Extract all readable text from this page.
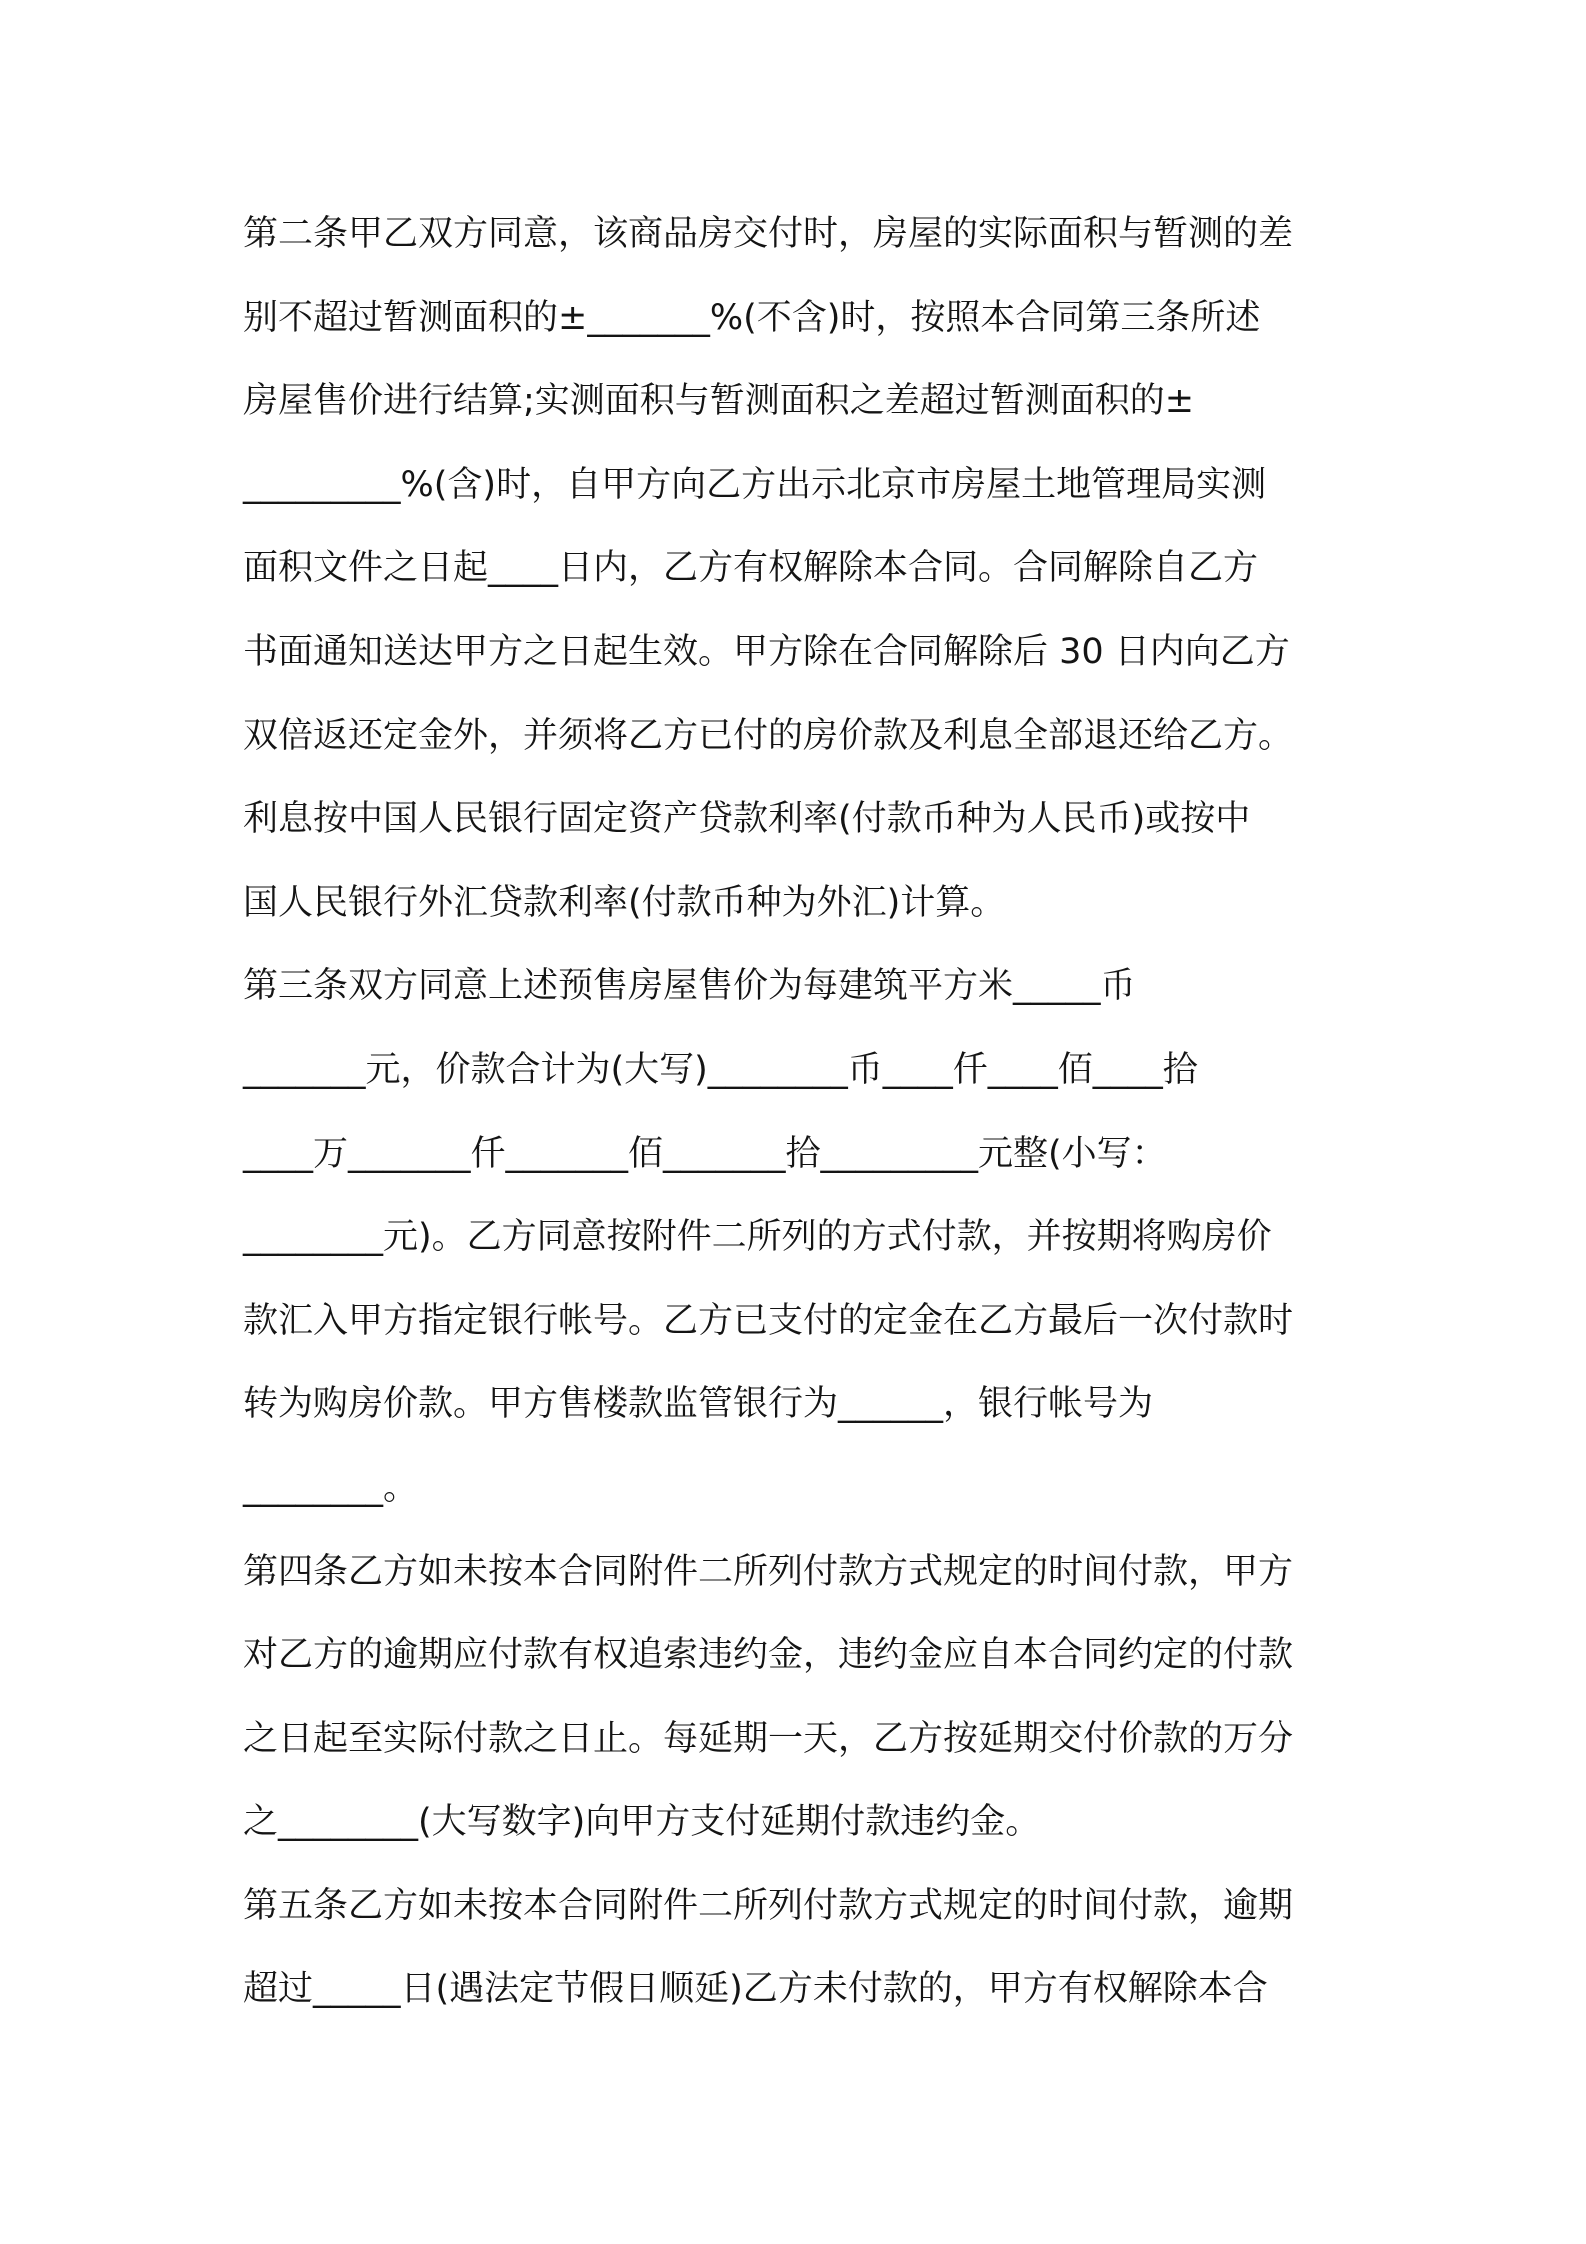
第二条甲乙双方同意，该商品房交付时，房屋的实际面积与暂测的差
别不超过暂测面积的±_______%(不含)时，按照本合同第三条所述
房屋售价进行结算;实测面积与暂测面积之差超过暂测面积的±
_________%(含)时，自甲方向乙方出示北京市房屋土地管理局实测
面积文件之日起____日内，乙方有权解除本合同。合同解除自乙方
书面通知送达甲方之日起生效。甲方除在合同解除后 30 日内向乙方
双倍返还定金外，并须将乙方已付的房价款及利息全部退还给乙方。
利息按中国人民银行固定资产贷款利率(付款币种为人民币)或按中
国人民银行外汇贷款利率(付款币种为外汇)计算。
第三条双方同意上述预售房屋售价为每建筑平方米_____币
_______元，价款合计为(大写)________币____仟____佰____拾
____万_______仟_______佰_______拾_________元整(小写：
________元)。乙方同意按附件二所列的方式付款，并按期将购房价
款汇入甲方指定银行帐号。乙方已支付的定金在乙方最后一次付款时
转为购房价款。甲方售楼款监管银行为______，银行帐号为
________。
第四条乙方如未按本合同附件二所列付款方式规定的时间付款，甲方
对乙方的逾期应付款有权追索违约金，违约金应自本合同约定的付款
之日起至实际付款之日止。每延期一天，乙方按延期交付价款的万分
之________(大写数字)向甲方支付延期付款违约金。
第五条乙方如未按本合同附件二所列付款方式规定的时间付款，逾期
超过_____日(遇法定节假日顺延)乙方未付款的，甲方有权解除本合
